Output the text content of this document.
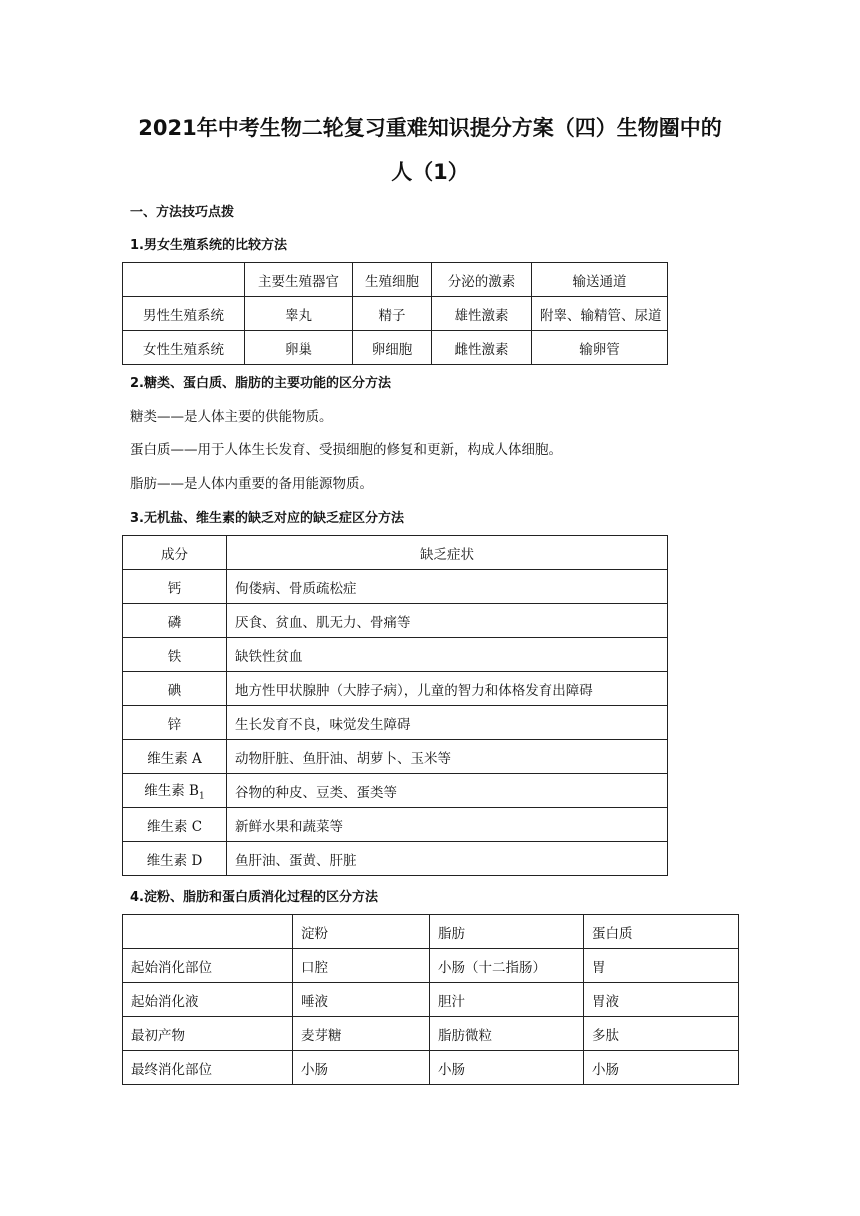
2021年中考生物二轮复习重难知识提分方案（四）生物圈中的
人（1）
一、方法技巧点拨
1.男女生殖系统的比较方法
	主要生殖器官	生殖细胞	分泌的激素	输送通道
男性生殖系统	睾丸	精子	雄性激素	附睾、输精管、尿道
女性生殖系统	卵巢	卵细胞	雌性激素	输卵管
2.糖类、蛋白质、脂肪的主要功能的区分方法
糖类——是人体主要的供能物质。
蛋白质——用于人体生长发育、受损细胞的修复和更新，构成人体细胞。
脂肪——是人体内重要的备用能源物质。
3.无机盐、维生素的缺乏对应的缺乏症区分方法
成分	缺乏症状
钙	佝偻病、骨质疏松症
磷	厌食、贫血、肌无力、骨痛等
铁	缺铁性贫血
碘	地方性甲状腺肿（大脖子病），儿童的智力和体格发育出障碍
锌	生长发育不良，味觉发生障碍
维生素 A	动物肝脏、鱼肝油、胡萝卜、玉米等
维生素 $B_1$	谷物的种皮、豆类、蛋类等
维生素 C	新鲜水果和蔬菜等
维生素 D	鱼肝油、蛋黄、肝脏
4.淀粉、脂肪和蛋白质消化过程的区分方法
	淀粉	脂肪	蛋白质
起始消化部位	口腔	小肠（十二指肠）	胃
起始消化液	唾液	胆汁	胃液
最初产物	麦芽糖	脂肪微粒	多肽
最终消化部位	小肠	小肠	小肠
